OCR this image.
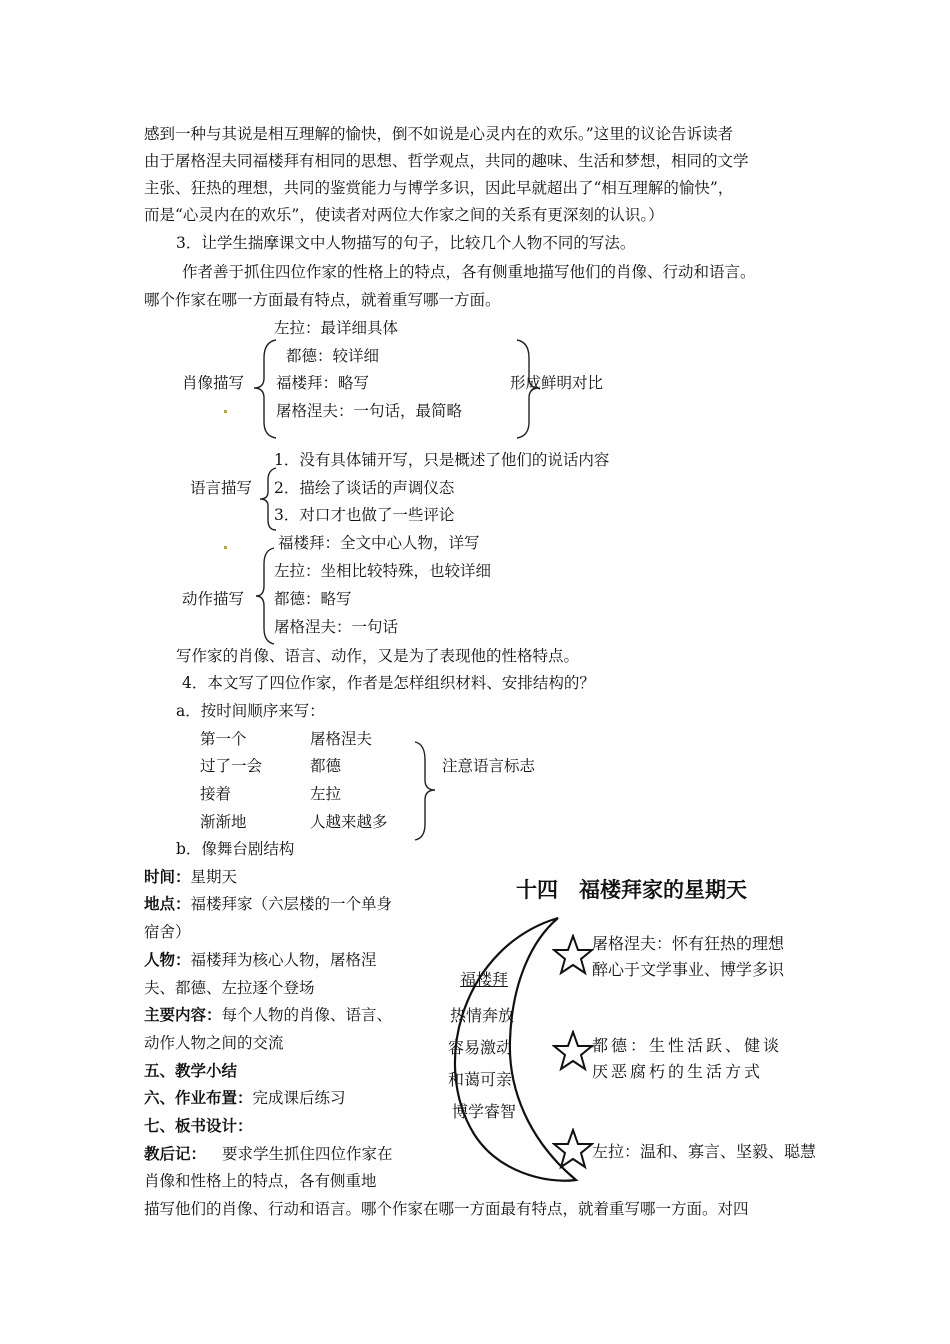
感到一种与其说是相互理解的愉快，倒不如说是心灵内在的欢乐。”这里的议论告诉读者
由于屠格涅夫同福楼拜有相同的思想、哲学观点，共同的趣味、生活和梦想，相同的文学
主张、狂热的理想，共同的鉴赏能力与博学多识，因此早就超出了“相互理解的愉快”，
而是“心灵内在的欢乐”，使读者对两位大作家之间的关系有更深刻的认识。）
3．让学生揣摩课文中人物描写的句子，比较几个人物不同的写法。
作者善于抓住四位作家的性格上的特点，各有侧重地描写他们的肖像、行动和语言。
哪个作家在哪一方面最有特点，就着重写哪一方面。
左拉：最详细具体
都德：较详细
肖像描写 福楼拜：略写	形成鲜明对比
屠格涅夫：一句话，最简略
1．没有具体铺开写，只是概述了他们的说话内容
语言描写 2．描绘了谈话的声调仪态
3．对口才也做了一些评论
福楼拜：全文中心人物，详写
左拉：坐相比较特殊，也较详细
动作描写 都德：略写
屠格涅夫：一句话
写作家的肖像、语言、动作，又是为了表现他的性格特点。
4．本文写了四位作家，作者是怎样组织材料、安排结构的？
a．按时间顺序来写：
第一个	屠格涅夫
过了一会	都德	注意语言标志
接着	左拉
渐渐地	人越来越多
b．像舞台剧结构
时间：星期天
地点：福楼拜家（六层楼的一个单身
宿舍）
人物：福楼拜为核心人物，屠格涅
夫、都德、左拉逐个登场
主要内容：每个人物的肖像、语言、
动作人物之间的交流
五、教学小结
六、作业布置：完成课后练习
七、板书设计：
教后记： 要求学生抓住四位作家在
肖像和性格上的特点，各有侧重地
描写他们的肖像、行动和语言。哪个作家在哪一方面最有特点，就着重写哪一方面。对四
十四　福楼拜家的星期天
福楼拜
热情奔放
容易激动
和蔼可亲
博学睿智
屠格涅夫：怀有狂热的理想
醉心于文学事业、博学多识
都德：生性活跃、健谈
厌恶腐朽的生活方式
左拉：温和、寡言、坚毅、聪慧
